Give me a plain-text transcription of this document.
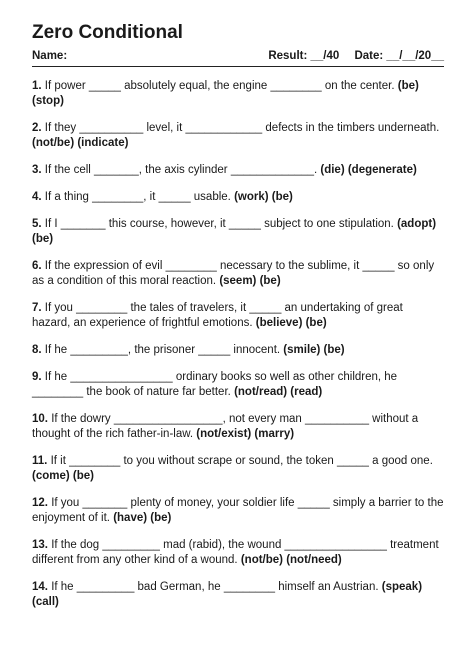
Zero Conditional
Name:	Result: __/40 Date: __/__/20__
1. If power _____ absolutely equal, the engine ________ on the center. (be) (stop)
2. If they __________ level, it ____________ defects in the timbers underneath. (not/be) (indicate)
3. If the cell _______, the axis cylinder _____________. (die) (degenerate)
4. If a thing ________, it _____ usable. (work) (be)
5. If I _______ this course, however, it _____ subject to one stipulation. (adopt) (be)
6. If the expression of evil ________ necessary to the sublime, it _____ so only as a condition of this moral reaction. (seem) (be)
7. If you ________ the tales of travelers, it _____ an undertaking of great hazard, an experience of frightful emotions. (believe) (be)
8. If he _________, the prisoner _____ innocent. (smile) (be)
9. If he ________________ ordinary books so well as other children, he ________ the book of nature far better. (not/read) (read)
10. If the dowry _________________, not every man __________ without a thought of the rich father-in-law. (not/exist) (marry)
11. If it ________ to you without scrape or sound, the token _____ a good one. (come) (be)
12. If you _______ plenty of money, your soldier life _____ simply a barrier to the enjoyment of it. (have) (be)
13. If the dog _________ mad (rabid), the wound ________________ treatment different from any other kind of a wound. (not/be) (not/need)
14. If he _________ bad German, he ________ himself an Austrian. (speak) (call)
